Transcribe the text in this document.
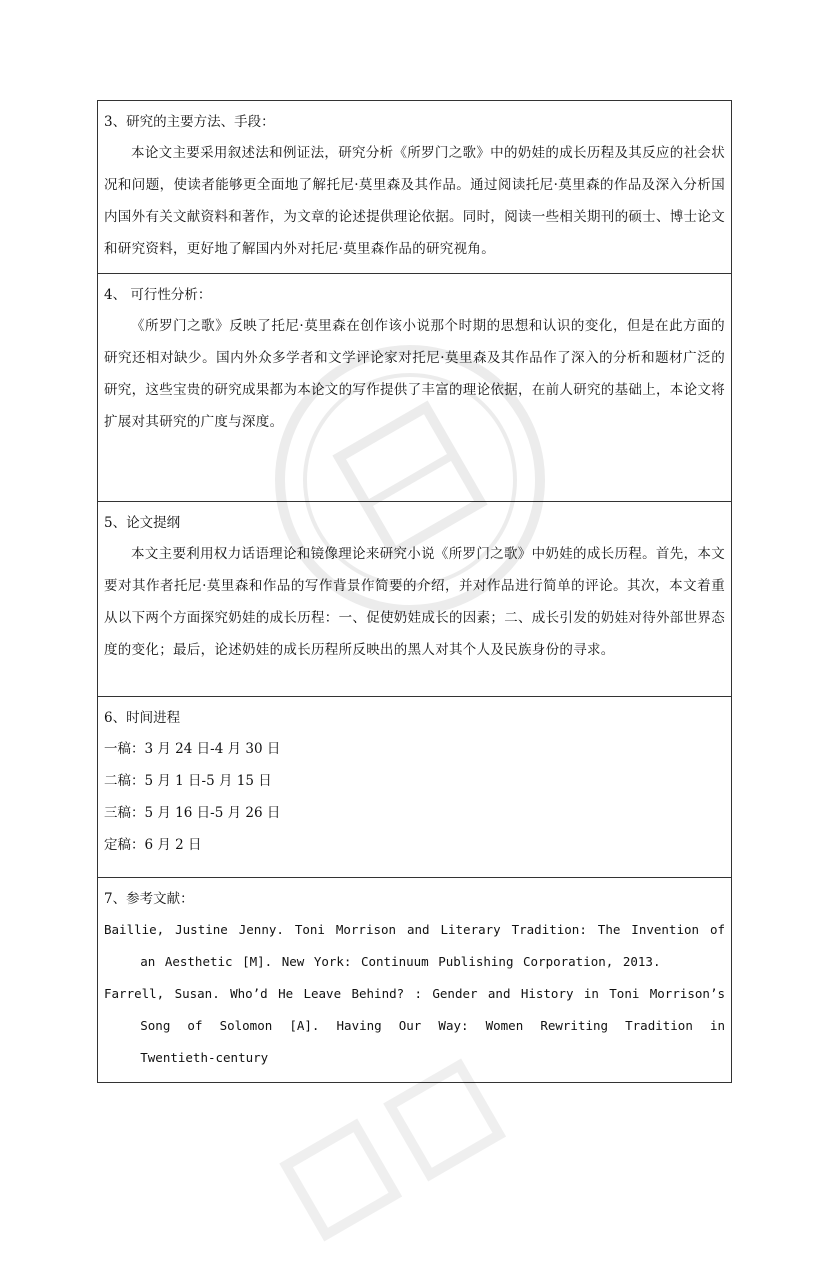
3、研究的主要方法、手段：

本论文主要采用叙述法和例证法，研究分析《所罗门之歌》中的奶娃的成长历程及其反应的社会状况和问题，使读者能够更全面地了解托尼·莫里森及其作品。通过阅读托尼·莫里森的作品及深入分析国内国外有关文献资料和著作，为文章的论述提供理论依据。同时，阅读一些相关期刊的硕士、博士论文和研究资料，更好地了解国内外对托尼·莫里森作品的研究视角。

4、 可行性分析：

《所罗门之歌》反映了托尼·莫里森在创作该小说那个时期的思想和认识的变化，但是在此方面的研究还相对缺少。国内外众多学者和文学评论家对托尼·莫里森及其作品作了深入的分析和题材广泛的研究，这些宝贵的研究成果都为本论文的写作提供了丰富的理论依据，在前人研究的基础上，本论文将扩展对其研究的广度与深度。

5、论文提纲

本文主要利用权力话语理论和镜像理论来研究小说《所罗门之歌》中奶娃的成长历程。首先，本文要对其作者托尼·莫里森和作品的写作背景作简要的介绍，并对作品进行简单的评论。其次，本文着重从以下两个方面探究奶娃的成长历程：一、促使奶娃成长的因素；二、成长引发的奶娃对待外部世界态度的变化；最后，论述奶娃的成长历程所反映出的黑人对其个人及民族身份的寻求。

6、时间进程
一稿：3 月 24 日-4 月 30 日
二稿：5 月 1 日-5 月 15 日
三稿：5 月 16 日-5 月 26 日
定稿：6 月 2 日

7、参考文献：

Baillie, Justine Jenny. Toni Morrison and Literary Tradition: The Invention of an Aesthetic [M]. New York: Continuum Publishing Corporation, 2013.

Farrell, Susan. Who’d He Leave Behind? : Gender and History in Toni Morrison’s Song of Solomon [A]. Having Our Way: Women Rewriting Tradition in Twentieth-century
